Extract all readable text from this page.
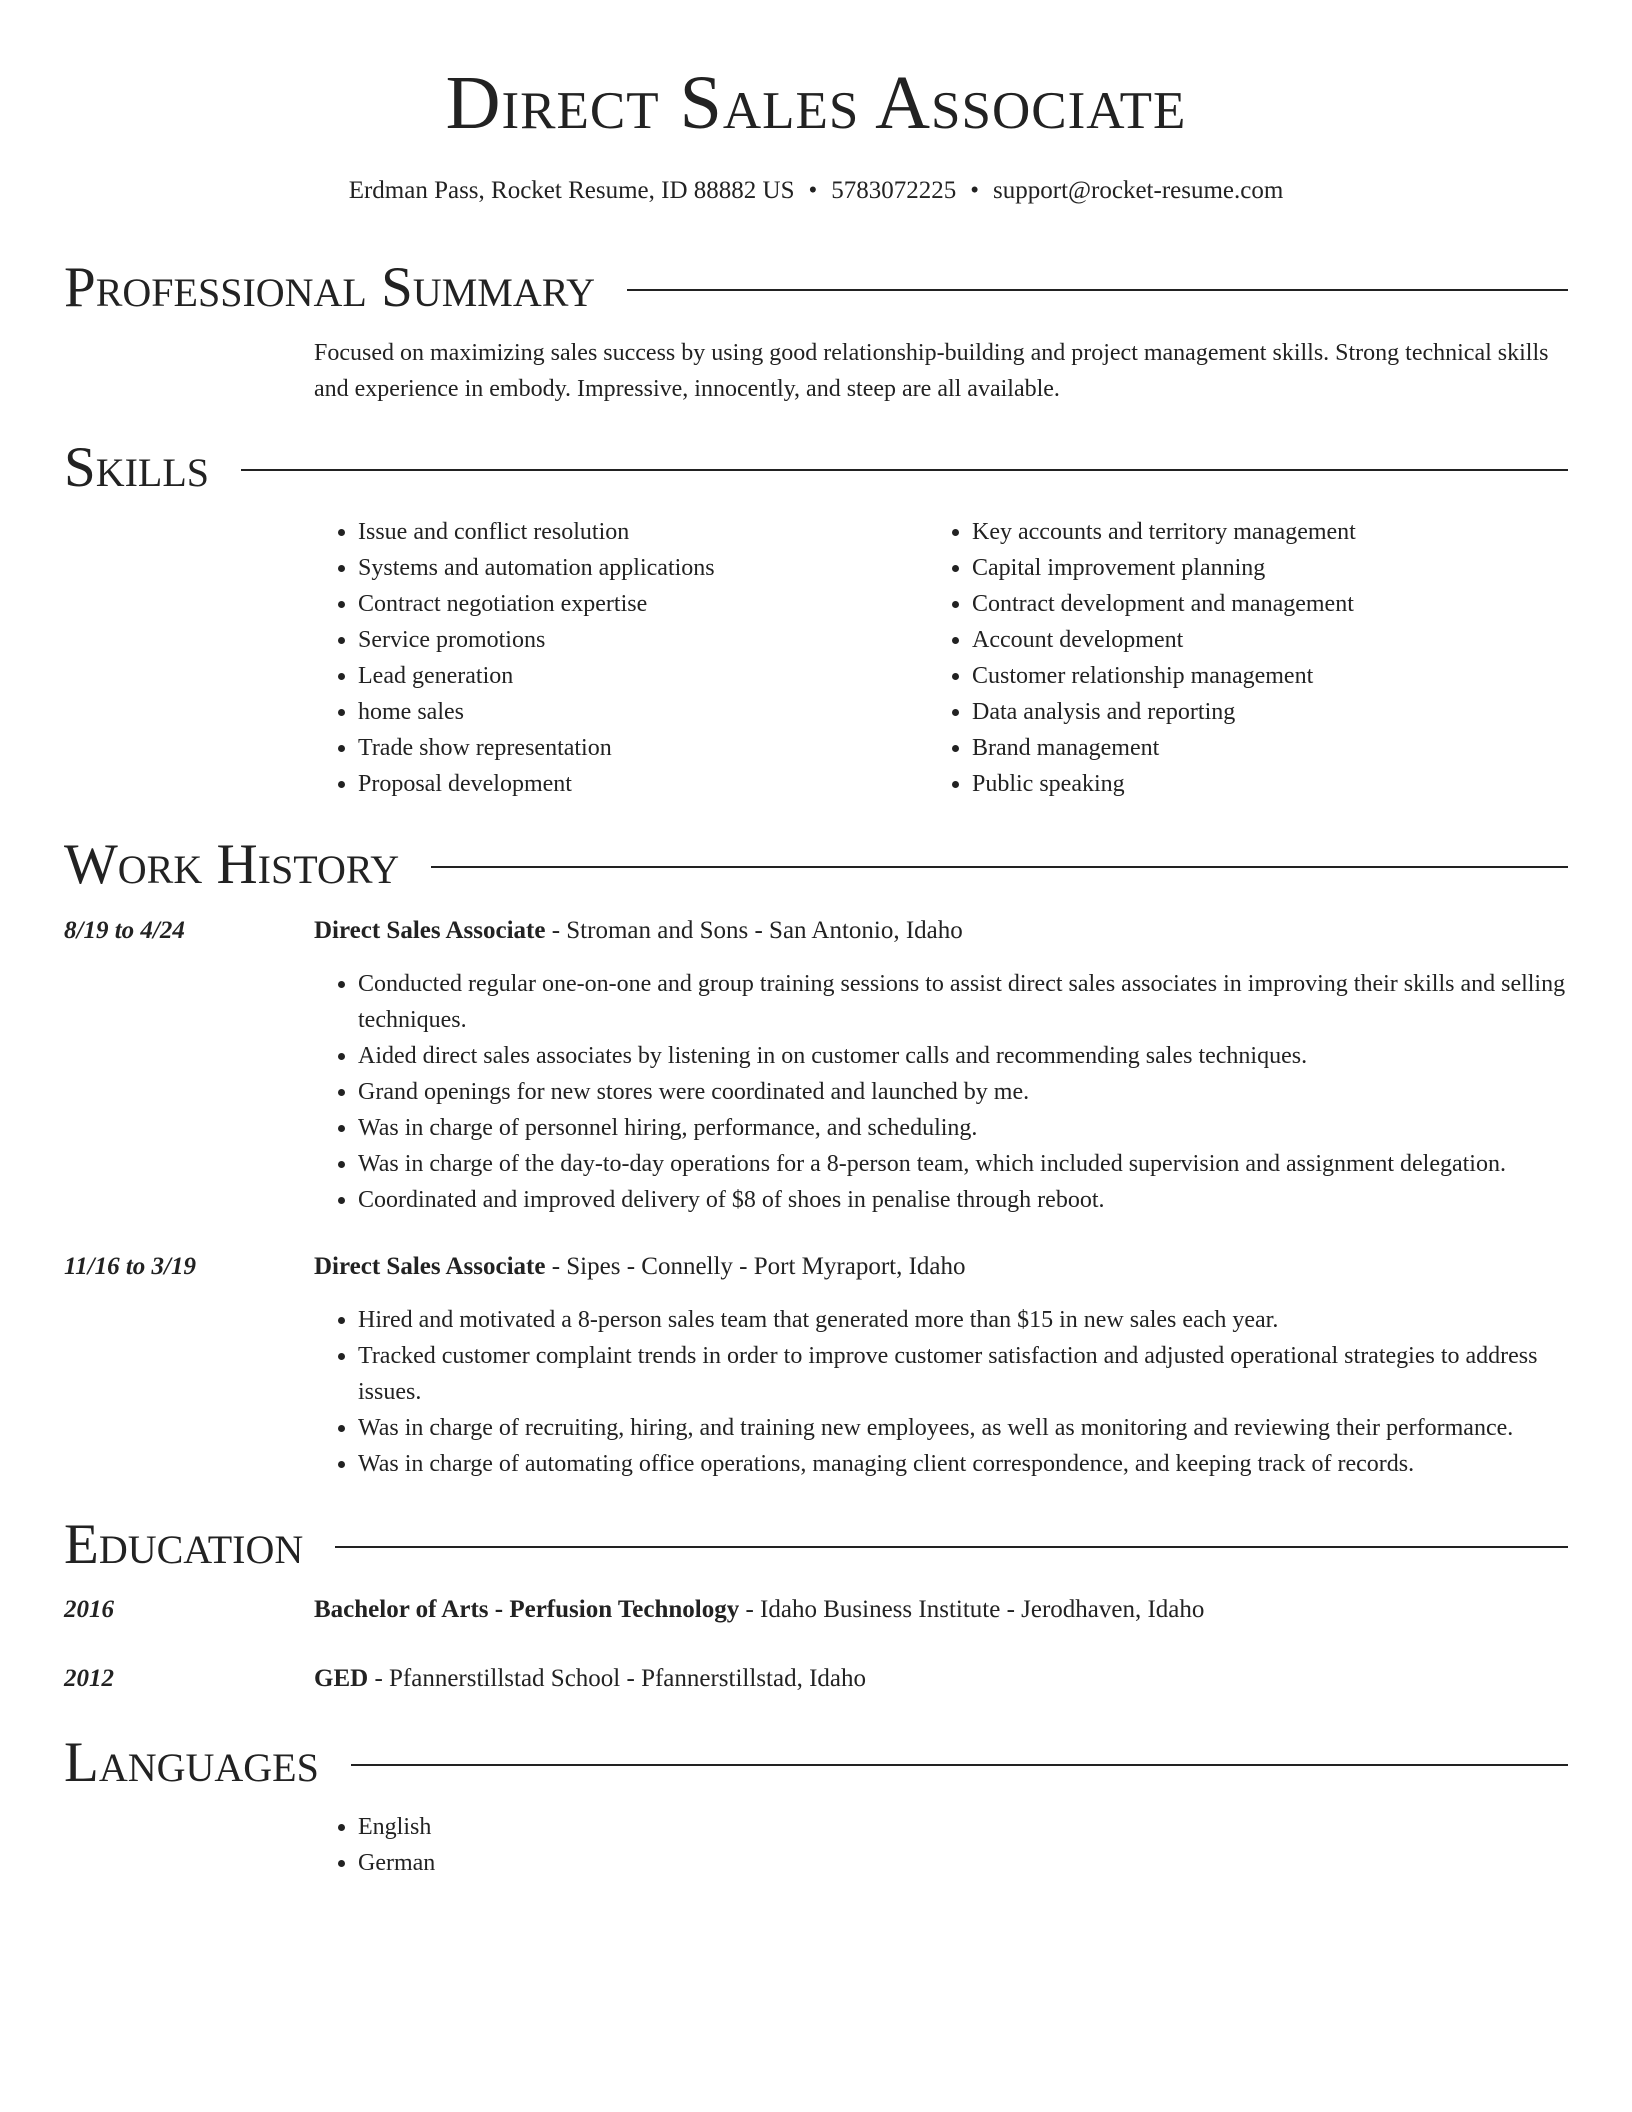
Direct Sales Associate
Erdman Pass, Rocket Resume, ID 88882 US • 5783072225 • support@rocket-resume.com
Professional Summary
Focused on maximizing sales success by using good relationship-building and project management skills. Strong technical skills and experience in embody. Impressive, innocently, and steep are all available.
Skills
• Issue and conflict resolution
• Systems and automation applications
• Contract negotiation expertise
• Service promotions
• Lead generation
• home sales
• Trade show representation
• Proposal development
• Key accounts and territory management
• Capital improvement planning
• Contract development and management
• Account development
• Customer relationship management
• Data analysis and reporting
• Brand management
• Public speaking
Work History
8/19 to 4/24	Direct Sales Associate - Stroman and Sons - San Antonio, Idaho
• Conducted regular one-on-one and group training sessions to assist direct sales associates in improving their skills and selling techniques.
• Aided direct sales associates by listening in on customer calls and recommending sales techniques.
• Grand openings for new stores were coordinated and launched by me.
• Was in charge of personnel hiring, performance, and scheduling.
• Was in charge of the day-to-day operations for a 8-person team, which included supervision and assignment delegation.
• Coordinated and improved delivery of $8 of shoes in penalise through reboot.
11/16 to 3/19	Direct Sales Associate - Sipes - Connelly - Port Myraport, Idaho
• Hired and motivated a 8-person sales team that generated more than $15 in new sales each year.
• Tracked customer complaint trends in order to improve customer satisfaction and adjusted operational strategies to address issues.
• Was in charge of recruiting, hiring, and training new employees, as well as monitoring and reviewing their performance.
• Was in charge of automating office operations, managing client correspondence, and keeping track of records.
Education
2016	Bachelor of Arts - Perfusion Technology - Idaho Business Institute - Jerodhaven, Idaho
2012	GED - Pfannerstillstad School - Pfannerstillstad, Idaho
Languages
• English
• German
